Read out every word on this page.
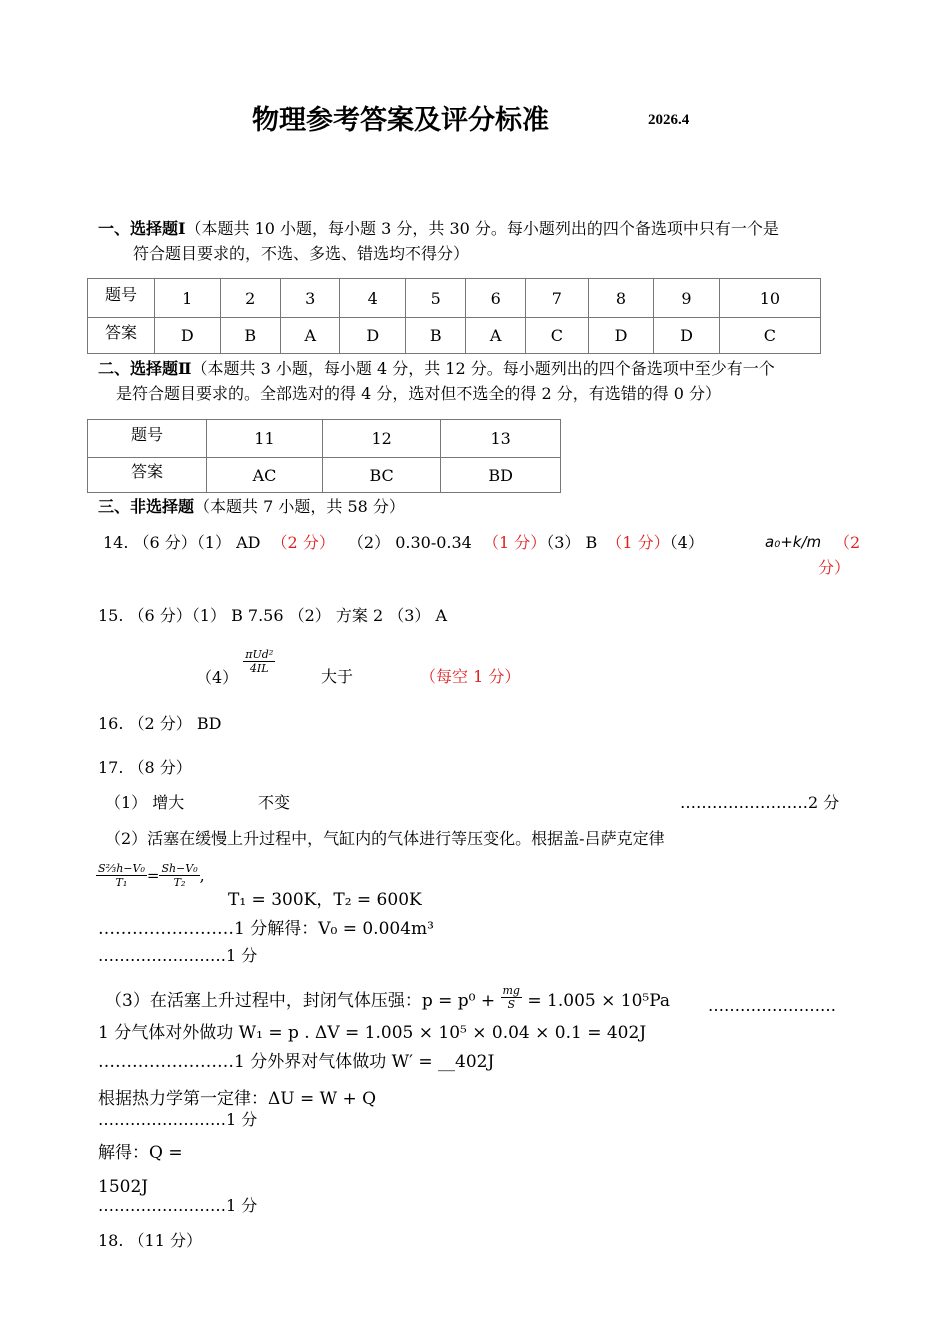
物理参考答案及评分标准	2026.4
一、选择题Ⅰ（本题共 10 小题，每小题 3 分，共 30 分。每小题列出的四个备选项中只有一个是
符合题目要求的，不选、多选、错选均不得分）
题号	1	2	3	4	5	6	7	8	9	10
答案	D	B	A	D	B	A	C	D	D	C
二、选择题Ⅱ（本题共 3 小题，每小题 4 分，共 12 分。每小题列出的四个备选项中至少有一个
是符合题目要求的。全部选对的得 4 分，选对但不选全的得 2 分，有选错的得 0 分）
题号	11	12	13
答案	AC	BC	BD
三、非选择题（本题共 7 小题，共 58 分）
14. （6 分）（1） AD （2 分） （2） 0.30-0.34 （1 分）（3） B （1 分）（4）	a₀+k/m （2
分）
15. （6 分）（1） B 7.56 （2） 方案 2 （3） A
（4）
$\frac{\text{πUd²}}{4IL}$
大于	（每空 1 分）
16. （2 分） BD
17. （8 分）
（1） 增大	不变	……………………2 分
（2）活塞在缓慢上升过程中，气缸内的气体进行等压变化。根据盖-吕萨克定律
$\frac{\text{S⅔h−V₀}}{\text{T₁}} = \frac{\text{Sh−V₀}}{\text{T₂}}$ ,
T₁ = 300K，T₂ = 600K
……………………1 分解得：V₀ = 0.004m³
……………………1 分
（3）在活塞上升过程中，封闭气体压强：$p = p^0 + \frac{mg}{S} = 1.005 \times 10^5Pa$ ……………………
1 分气体对外做功 W₁ = p . ΔV = 1.005 × 10⁵ × 0.04 × 0.1 = 402J
……………………1 分外界对气体做功 W′ = __402J
根据热力学第一定律：ΔU = W + Q
……………………1 分
解得：Q =
1502J
……………………1 分
18. （11 分）
